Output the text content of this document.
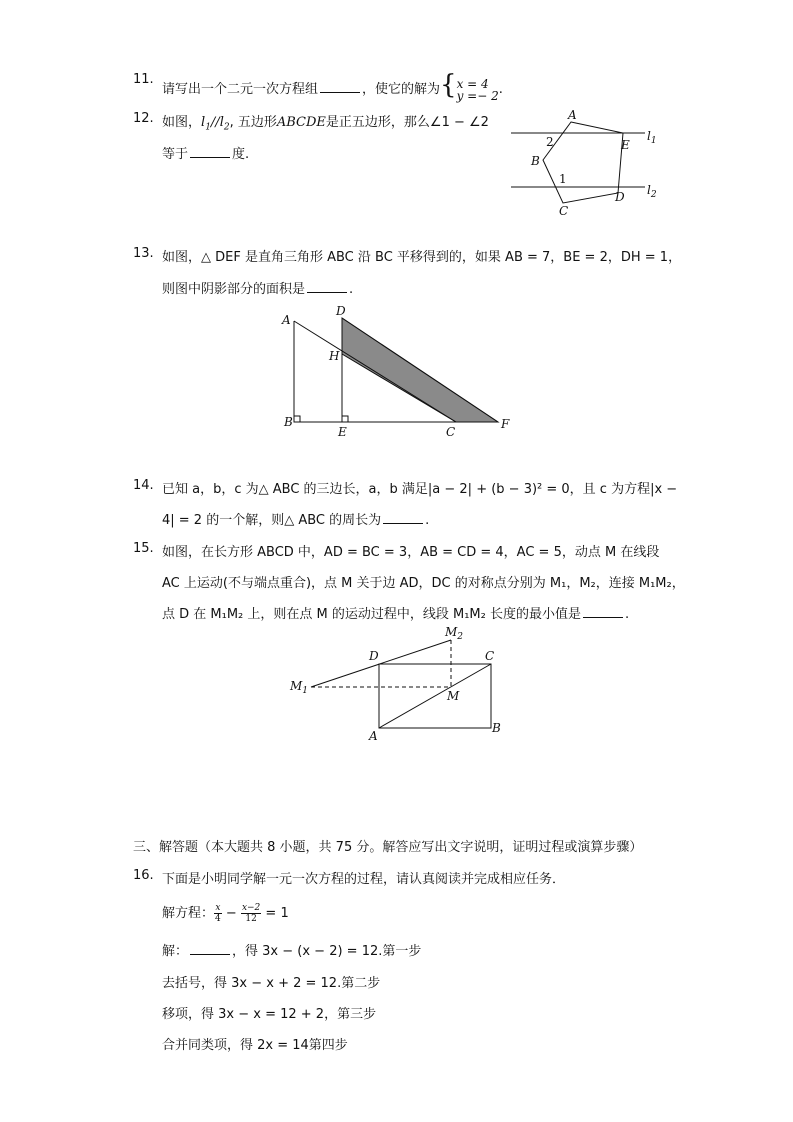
11.
请写出一个二元一次方程组	，使它的解为{ x = 4
y =− 2 .
12. 如图，$l_1//l_2$, 五边形ABCDE是正五边形，那么∠1 − ∠2
等于	度.
A
B
C
D
E
1
2	$l_1$
$l_2$
13. 如图，△ DEF 是直角三角形 ABC 沿 BC 平移得到的，如果 AB = 7，BE = 2，DH = 1，
则图中阴影部分的面积是	.
A
B
C
D
E
F
H
14. 已知 a，b，c 为△ ABC 的三边长，a，b 满足|a − 2| + (b − 3)² = 0，且 c 为方程|x −
4| = 2 的一个解，则△ ABC 的周长为	.
15. 如图，在长方形 ABCD 中，AD = BC = 3，AB = CD = 4，AC = 5，动点 M 在线段
AC 上运动(不与端点重合)，点 M 关于边 AD，DC 的对称点分别为 M₁，M₂，连接 M₁M₂，
点 D 在 M₁M₂ 上，则在点 M 的运动过程中，线段 M₁M₂ 长度的最小值是	.
A
B
C
D
M
$M_1$
$M_2$
三、解答题（本大题共 8 小题，共 75 分。解答应写出文字说明，证明过程或演算步骤）
16. 下面是小明同学解一元一次方程的过程，请认真阅读并完成相应任务．
解方程： $\frac{x}{4} - \frac{x-2}{12} = 1$
解：	，得 3x − (x − 2) = 12.第一步
去括号，得 3x − x + 2 = 12.第二步
移项，得 3x − x = 12 + 2，第三步
合并同类项，得 2x = 14第四步
